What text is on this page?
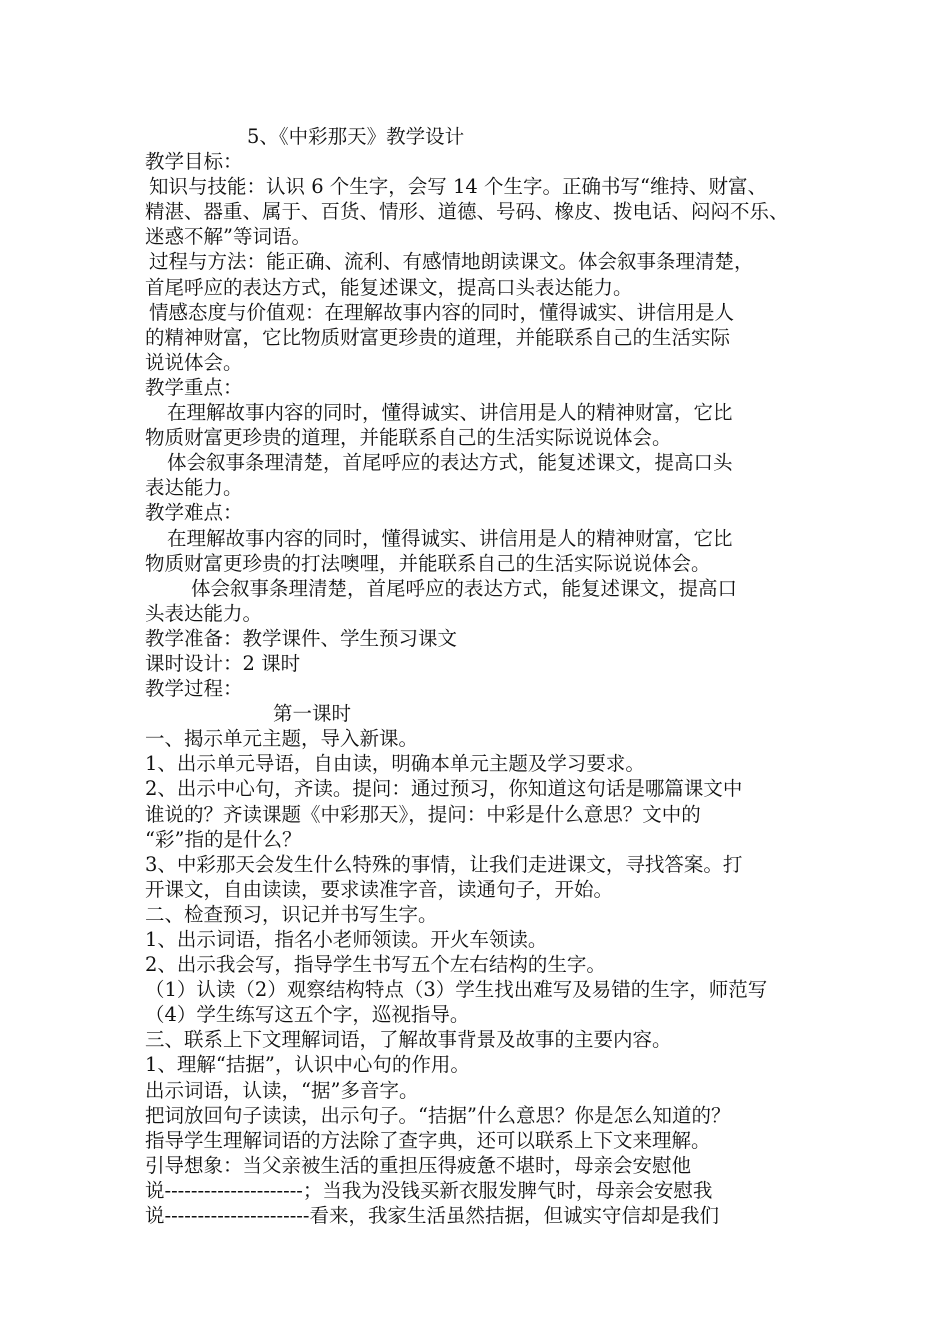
5、《中彩那天》教学设计
教学目标：
知识与技能：认识 6 个生字，会写 14 个生字。正确书写“维持、财富、
精湛、器重、属于、百货、情形、道德、号码、橡皮、拨电话、闷闷不乐、
迷惑不解”等词语。
过程与方法：能正确、流利、有感情地朗读课文。体会叙事条理清楚，
首尾呼应的表达方式，能复述课文，提高口头表达能力。
情感态度与价值观：在理解故事内容的同时，懂得诚实、讲信用是人
的精神财富，它比物质财富更珍贵的道理，并能联系自己的生活实际
说说体会。
教学重点：
在理解故事内容的同时，懂得诚实、讲信用是人的精神财富，它比
物质财富更珍贵的道理，并能联系自己的生活实际说说体会。
体会叙事条理清楚，首尾呼应的表达方式，能复述课文，提高口头
表达能力。
教学难点：
在理解故事内容的同时，懂得诚实、讲信用是人的精神财富，它比
物质财富更珍贵的打法噢哩，并能联系自己的生活实际说说体会。
体会叙事条理清楚，首尾呼应的表达方式，能复述课文，提高口
头表达能力。
教学准备：教学课件、学生预习课文
课时设计：2 课时
教学过程：
第一课时
一、揭示单元主题，导入新课。
1、出示单元导语，自由读，明确本单元主题及学习要求。
2、出示中心句，齐读。提问：通过预习，你知道这句话是哪篇课文中
谁说的？齐读课题《中彩那天》，提问：中彩是什么意思？文中的
“彩”指的是什么？
3、中彩那天会发生什么特殊的事情，让我们走进课文，寻找答案。打
开课文，自由读读，要求读准字音，读通句子，开始。
二、检查预习，识记并书写生字。
1、出示词语，指名小老师领读。开火车领读。
2、出示我会写，指导学生书写五个左右结构的生字。
（1）认读（2）观察结构特点（3）学生找出难写及易错的生字，师范写
（4）学生练写这五个字，巡视指导。
三、联系上下文理解词语，了解故事背景及故事的主要内容。
1、理解“拮据”，认识中心句的作用。
出示词语，认读，“据”多音字。
把词放回句子读读，出示句子。“拮据”什么意思？你是怎么知道的？
指导学生理解词语的方法除了查字典，还可以联系上下文来理解。
引导想象：当父亲被生活的重担压得疲惫不堪时，母亲会安慰他
说---------------------；当我为没钱买新衣服发脾气时，母亲会安慰我
说----------------------看来，我家生活虽然拮据，但诚实守信却是我们
